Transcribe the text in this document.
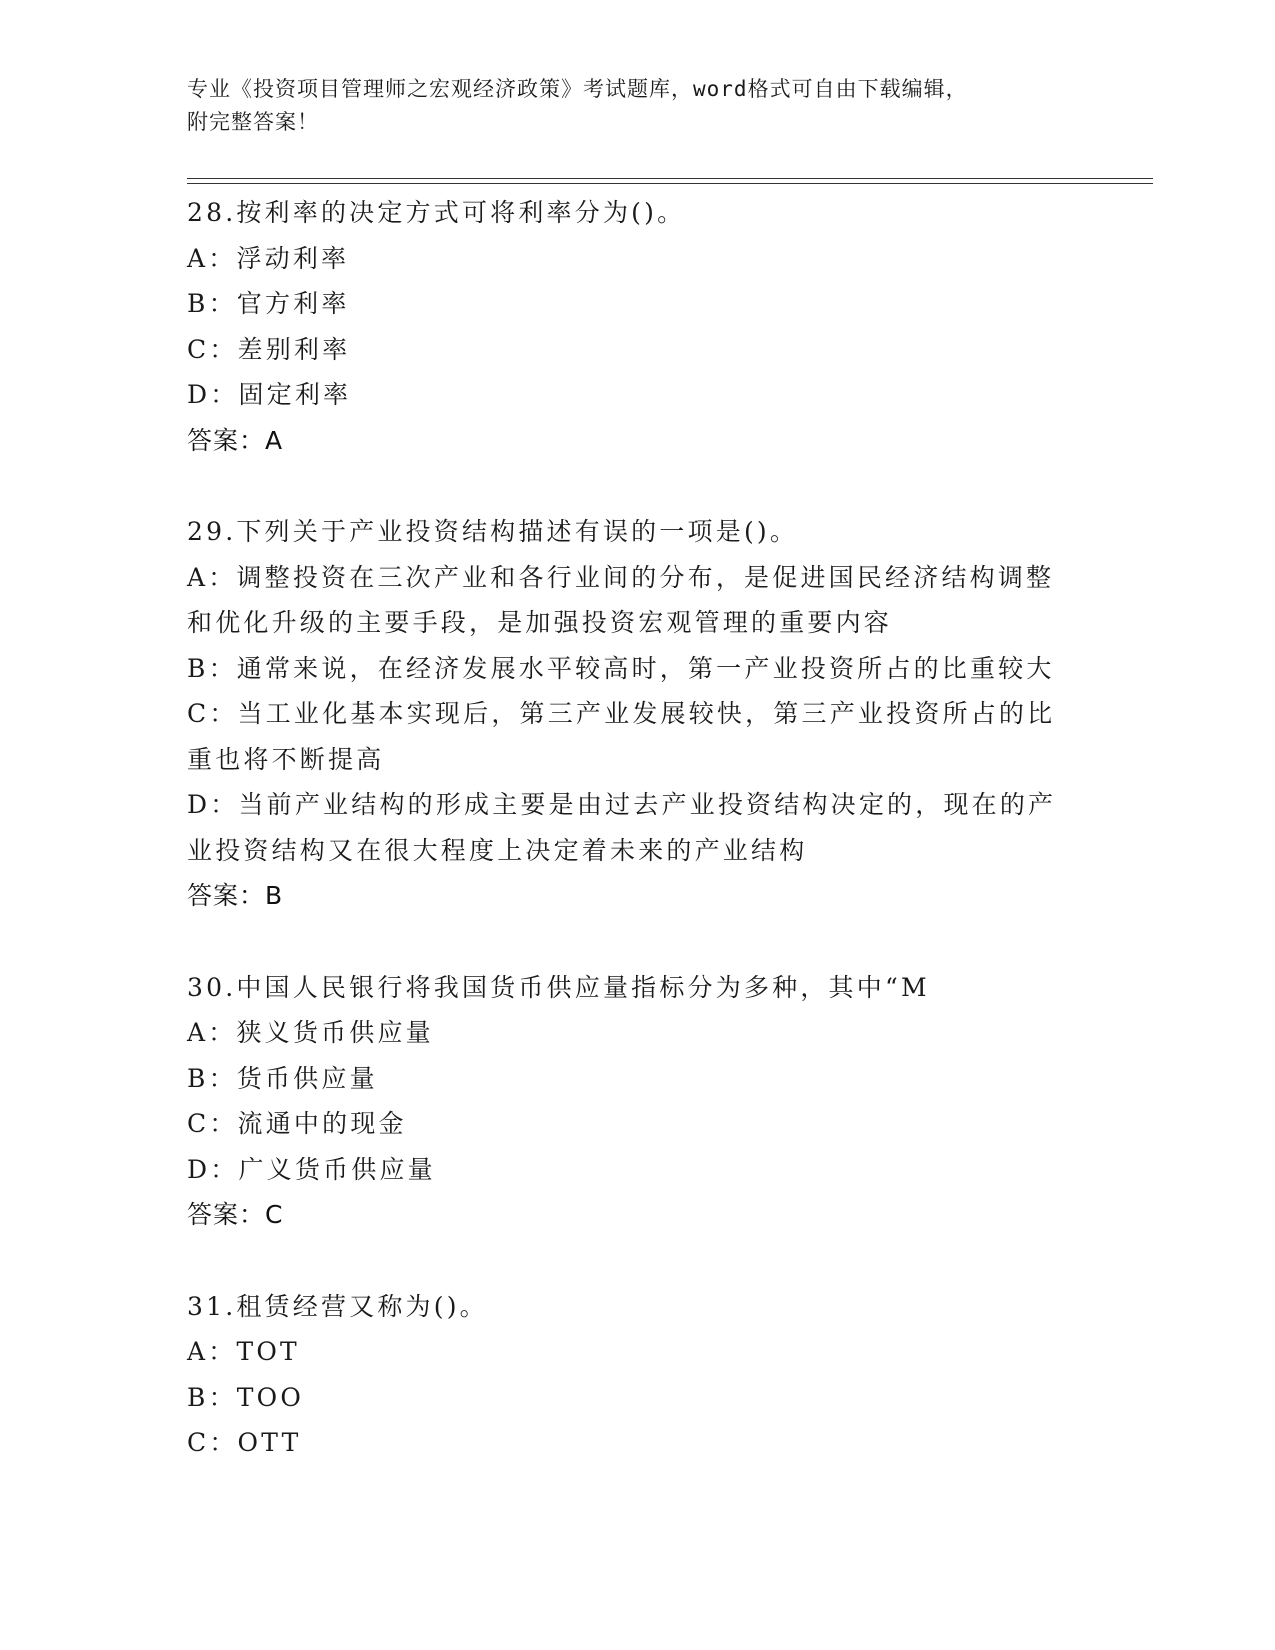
专业《投资项目管理师之宏观经济政策》考试题库，word格式可自由下载编辑，
附完整答案！
28.按利率的决定方式可将利率分为()。
A：浮动利率
B：官方利率
C：差别利率
D：固定利率
答案：A
29.下列关于产业投资结构描述有误的一项是()。
A：调整投资在三次产业和各行业间的分布，是促进国民经济结构调整
和优化升级的主要手段，是加强投资宏观管理的重要内容
B：通常来说，在经济发展水平较高时，第一产业投资所占的比重较大
C：当工业化基本实现后，第三产业发展较快，第三产业投资所占的比
重也将不断提高
D：当前产业结构的形成主要是由过去产业投资结构决定的，现在的产
业投资结构又在很大程度上决定着未来的产业结构
答案：B
30.中国人民银行将我国货币供应量指标分为多种，其中“M
A：狭义货币供应量
B：货币供应量
C：流通中的现金
D：广义货币供应量
答案：C
31.租赁经营又称为()。
A：TOT
B：TOO
C：OTT
